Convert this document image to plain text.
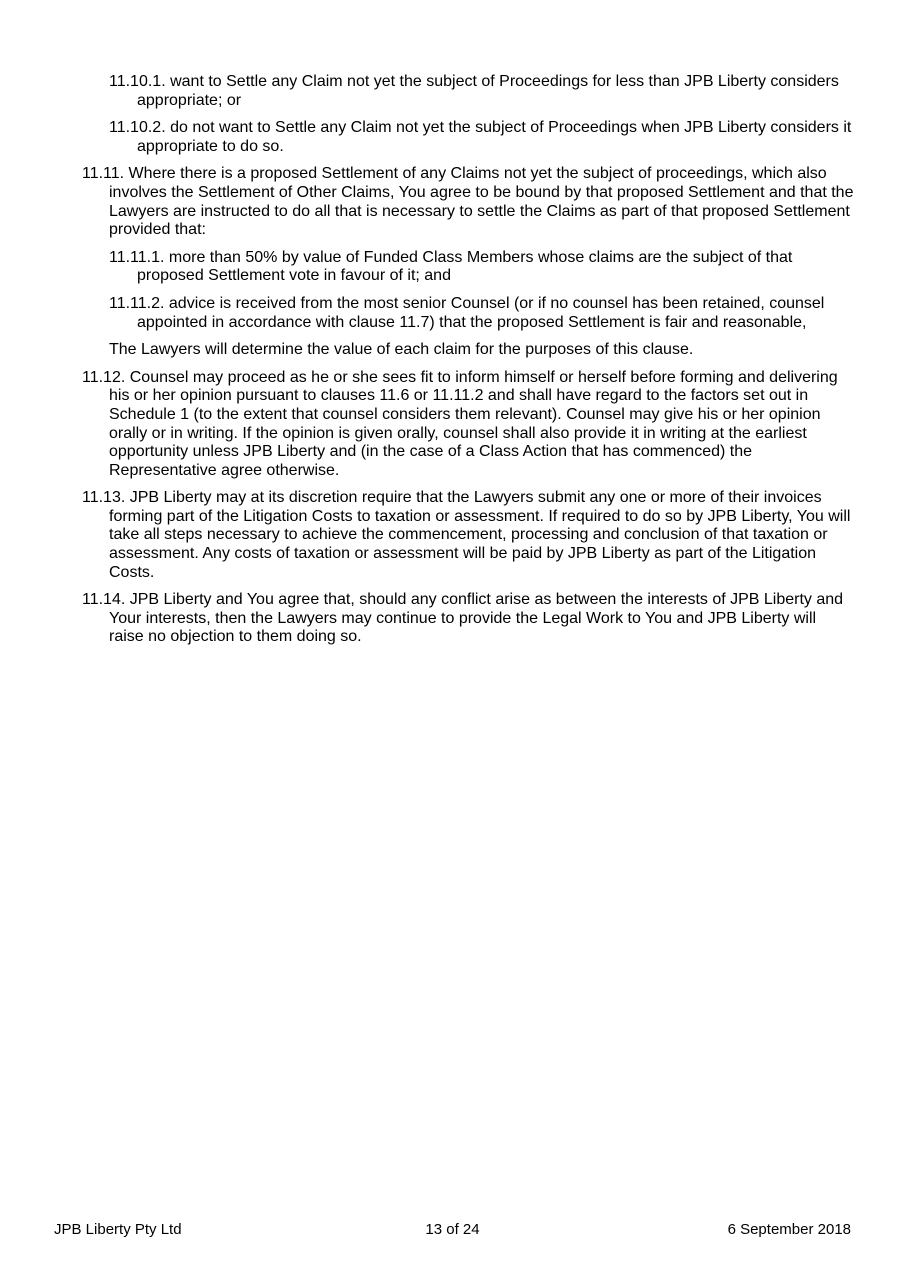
11.10.1. want to Settle any Claim not yet the subject of Proceedings for less than JPB Liberty considers appropriate; or

11.10.2. do not want to Settle any Claim not yet the subject of Proceedings when JPB Liberty considers it appropriate to do so.

11.11. Where there is a proposed Settlement of any Claims not yet the subject of proceedings, which also involves the Settlement of Other Claims, You agree to be bound by that proposed Settlement and that the Lawyers are instructed to do all that is necessary to settle the Claims as part of that proposed Settlement provided that:

11.11.1. more than 50% by value of Funded Class Members whose claims are the subject of that proposed Settlement vote in favour of it; and

11.11.2. advice is received from the most senior Counsel (or if no counsel has been retained, counsel appointed in accordance with clause 11.7) that the proposed Settlement is fair and reasonable,

The Lawyers will determine the value of each claim for the purposes of this clause.

11.12. Counsel may proceed as he or she sees fit to inform himself or herself before forming and delivering his or her opinion pursuant to clauses 11.6 or 11.11.2 and shall have regard to the factors set out in Schedule 1 (to the extent that counsel considers them relevant). Counsel may give his or her opinion orally or in writing. If the opinion is given orally, counsel shall also provide it in writing at the earliest opportunity unless JPB Liberty and (in the case of a Class Action that has commenced) the Representative agree otherwise.

11.13. JPB Liberty may at its discretion require that the Lawyers submit any one or more of their invoices forming part of the Litigation Costs to taxation or assessment. If required to do so by JPB Liberty, You will take all steps necessary to achieve the commencement, processing and conclusion of that taxation or assessment. Any costs of taxation or assessment will be paid by JPB Liberty as part of the Litigation Costs.

11.14. JPB Liberty and You agree that, should any conflict arise as between the interests of JPB Liberty and Your interests, then the Lawyers may continue to provide the Legal Work to You and JPB Liberty will raise no objection to them doing so.

JPB Liberty Pty Ltd	13 of 24	6 September 2018
